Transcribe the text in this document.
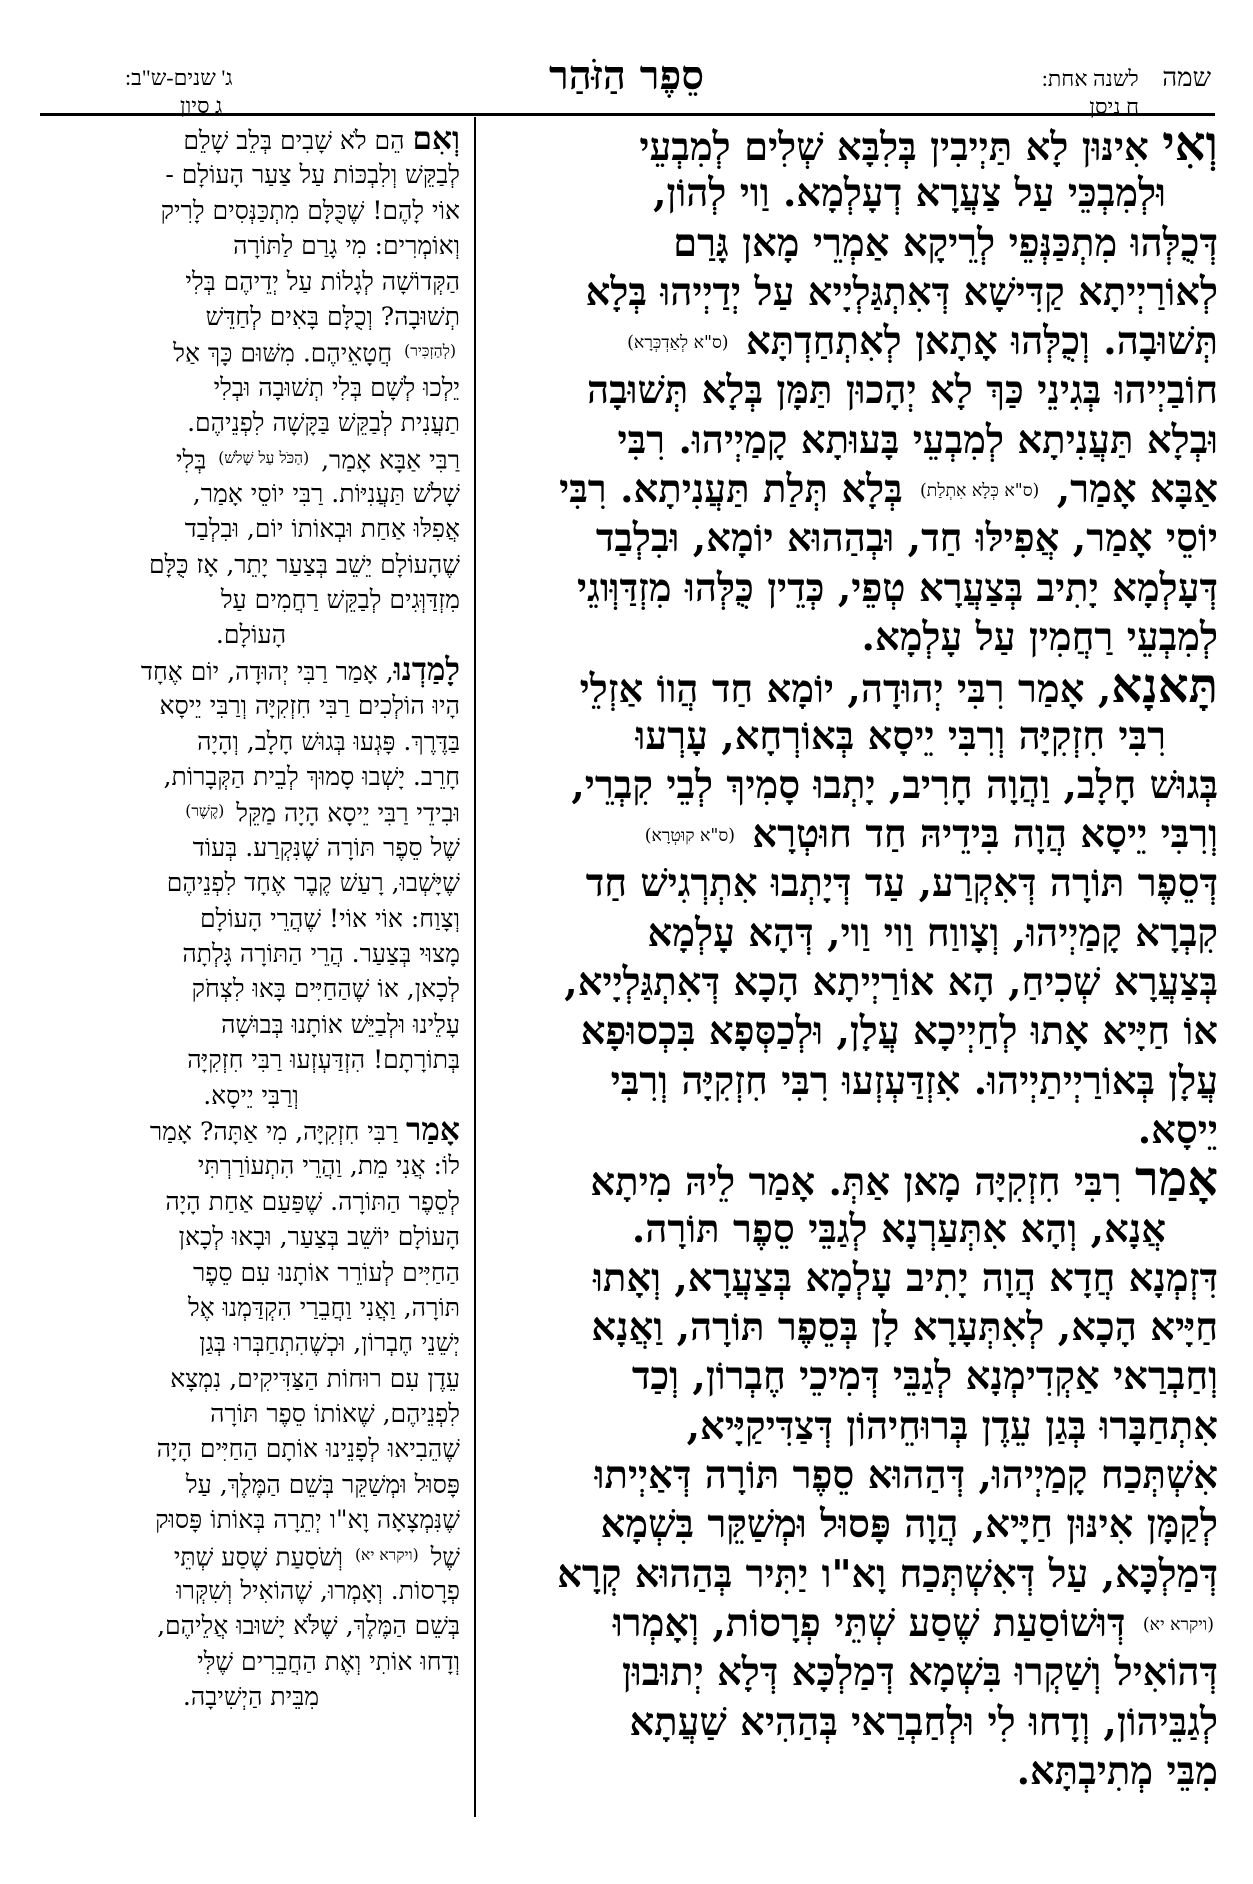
שמה לשנה אחת:
ח ניסן
סֵפֶר הַזֹּהַר
ג' שנים-ש"ב:
ג סיון
וְאִי אִינּוּן לָא תַּיְיבִין בְּלִבָּא שְׁלִים לְמִבְעֵי
וּלְמִבְכֵּי עַל צַעֲרָא דְעָלְמָא. וַוי לְהוֹן,
דְּכֻלְּהוּ מִתְכַּנְּפֵי לְרֵיקָא אַמְרֵי מָאן גָּרַם
לְאוֹרַיְיתָא קַדִּישָׁא דְּאִתְגַּלְיָיא עַל יְדַיְיהוּ בְּלָא
תְּשׁוּבָה. וְכֻלְּהוּ אָתָאן לְאִתְחַדְתָּא (ס"א לְאַדְכְּרָא)
חוֹבַיְיהוּ בְּגִינֵי כַּךְ לָא יְהָכוּן תַּמָּן בְּלָא תְּשׁוּבָה
וּבְלָא תַּעֲנִיתָא לְמִבְעֵי בָּעוּתָא קָמַיְיהוּ. רִבִּי
אַבָּא אָמַר, (ס"א כְּלָא אִתְלַת) בְּלָא תְּלַת תַּעֲנִיתָא. רִבִּי
יוֹסֵי אָמַר, אֲפִילּוּ חַד, וּבְהַהוּא יוֹמָא, וּבִלְבַד
דְּעָלְמָא יָתִיב בְּצַעֲרָא טְפֵי, כְּדֵין כֻּלְּהוּ מִזְדַּוְּוגֵי
לְמִבְעֵי רַחֲמִין עַל עָלְמָא.
תָּאנָא, אָמַר רִבִּי יְהוּדָה, יוֹמָא חַד הֲווֹ אַזְלֵי
רִבִּי חִזְקִיָּה וְרִבִּי יֵיסָא בְּאוֹרְחָא, עָרְעוּ
בְּגוּשׁ חָלָב, וַהֲוָה חָרִיב, יָתְבוּ סָמִיךְ לְבֵי קִבְרֵי,
וְרִבִּי יֵיסָא הֲוָה בִּידֵיהּ חַד חוּטְרָא (ס"א קוּטְרָא)
דְּסֵפֶר תּוֹרָה דְּאִקְרַע, עַד דְּיָתְבוּ אִתְרְגִישׁ חַד
קִבְרָא קָמַיְיהוּ, וְצָווַח וַוי וַוי, דְּהָא עָלְמָא
בְּצַעֲרָא שְׁכִיחַ, הָא אוֹרַיְיתָא הָכָא דְּאִתְגַּלְיָיא,
אוֹ חַיָּיא אָתוּ לְחַיְיכָא עֲלָן, וּלְכַסְּפָא בִּכְסוּפָא
עֲלָן בְּאוֹרַיְיתַיְיהוּ. אִזְדַּעְזְעוּ רִבִּי חִזְקִיָּה וְרִבִּי
יֵיסָא.
אָמַר רִבִּי חִזְקִיָּה מָאן אַתְּ. אָמַר לֵיהּ מִיתָא
אֲנָא, וְהָא אִתְּעַרְנָא לְגַבֵּי סֵפֶר תּוֹרָה.
דִּזְמְנָא חֲדָא הֲוָה יָתִיב עָלְמָא בְּצַעֲרָא, וְאָתוּ
חַיָּיא הָכָא, לְאִתְּעָרָא לָן בְּסֵפֶר תּוֹרָה, וַאֲנָא
וְחַבְרַאי אַקְדִימְנָא לְגַבֵּי דְּמִיכֵי חֶבְרוֹן, וְכַד
אִתְחַבָּרוּ בְּגַן עֵדֶן בְּרוּחֵיהוֹן דְּצַדִּיקַיָּיא,
אִשְׁתְּכַח קָמַיְיהוּ, דְּהַהוּא סֵפֶר תּוֹרָה דְּאַיְיתוּ
לְקַמָּן אִינּוּן חַיָּיא, הֲוָה פָּסוּל וּמְשַׁקֵּר בִּשְׁמָא
דְּמַלְכָּא, עַל דְּאִשְׁתְּכַח וָא"ו יַתִּיר בְּהַהוּא קְרָא
(ויקרא יא) דְּוּשׁוֹסַעַת שֶׁסַע שְׁתֵּי פְרָסוֹת, וְאָמְרוּ
דְּהוֹאִיל וְשַׁקְרוּ בִּשְׁמָא דְּמַלְכָּא דְּלָא יְתוּבוּן
לְגַבֵּיהוֹן, וְדָחוּ לִי וּלְחַבְרַאי בְּהַהִיא שַׁעֲתָא
מִבֵּי מְתִיבְתָּא.
וְאִם הֵם לֹא שָׁבִים בְּלֵב שָׁלֵם
לְבַקֵּשׁ וְלִבְכּוֹת עַל צַעַר הָעוֹלָם -
אוֹי לָהֶם! שֶׁכֻּלָּם מִתְכַּנְּסִים לָרִיק
וְאוֹמְרִים: מִי גָרַם לַתּוֹרָה
הַקְּדוֹשָׁה לְגָלוֹת עַל יְדֵיהֶם בְּלִי
תְשׁוּבָה? וְכֻלָּם בָּאִים לְחַדֵּשׁ
$^{(לְהַזְכִּיר)}$ חֲטָאֵיהֶם. מִשּׁוּם כָּךְ אַל
יֵלְכוּ לְשָׁם בְּלִי תְשׁוּבָה וּבְלִי
תַעֲנִית לְבַקֵּשׁ בַּקָּשָׁה לִפְנֵיהֶם.
רַבִּי אַבָּא אָמַר, $^{(הַכֹּל עַל שָׁלֹשׁ)}$ בְּלִי
שָׁלֹשׁ תַּעֲנִיּוֹת. רַבִּי יוֹסֵי אָמַר,
אֲפִלּוּ אַחַת וּבְאוֹתוֹ יוֹם, וּבִלְבַד
שֶׁהָעוֹלָם יֵשֵׁב בְּצַעַר יָתֵר, אָז כֻּלָּם
מִזְדַּוְּגִים לְבַקֵּשׁ רַחֲמִים עַל
הָעוֹלָם.
לָמַדְנוּ, אָמַר רַבִּי יְהוּדָה, יוֹם אֶחָד
הָיוּ הוֹלְכִים רַבִּי חִזְקִיָּה וְרַבִּי יֵיסָא
בַּדֶּרֶךְ. פָּגְעוּ בְּגוּשׁ חָלָב, וְהָיָה
חָרֵב. יָשְׁבוּ סָמוּךְ לְבֵית הַקְּבָרוֹת,
וּבִידֵי רַבִּי יֵיסָא הָיָה מַקֵּל $^{(קֶשֶׁר)}$
שֶׁל סֵפֶר תּוֹרָה שֶׁנִּקְרַע. בְּעוֹד
שֶׁיָּשְׁבוּ, רָעַשׁ קֶבֶר אֶחָד לִפְנֵיהֶם
וְצָוַח: אוֹי אוֹי! שֶׁהֲרֵי הָעוֹלָם
מָצוּי בְּצַעַר. הֲרֵי הַתּוֹרָה גָּלְתָה
לְכָאן, אוֹ שֶׁהַחַיִּים בָּאוּ לִצְחֹק
עָלֵינוּ וּלְבַיֵּשׁ אוֹתָנוּ בְּבוּשָׁה
בְּתוֹרָתָם! הִזְדַּעְזְעוּ רַבִּי חִזְקִיָּה
וְרַבִּי יֵיסָא.
אָמַר רַבִּי חִזְקִיָּה, מִי אַתָּה? אָמַר
לוֹ: אֲנִי מֵת, וַהֲרֵי הִתְעוֹרַרְתִּי
לְסֵפֶר הַתּוֹרָה. שֶׁפַּעַם אַחַת הָיָה
הָעוֹלָם יוֹשֵׁב בְּצַעַר, וּבָאוּ לְכָאן
הַחַיִּים לְעוֹרֵר אוֹתָנוּ עִם סֵפֶר
תּוֹרָה, וַאֲנִי וַחֲבֵרַי הִקְדַּמְנוּ אֶל
יְשֵׁנֵי חֶבְרוֹן, וּכְשֶׁהִתְחַבְּרוּ בְּגַן
עֵדֶן עִם רוּחוֹת הַצַּדִּיקִים, נִמְצָא
לִפְנֵיהֶם, שֶׁאוֹתוֹ סֵפֶר תּוֹרָה
שֶׁהֵבִיאוּ לְפָנֵינוּ אוֹתָם הַחַיִּים הָיָה
פָּסוּל וּמְשַׁקֵּר בְּשֵׁם הַמֶּלֶךְ, עַל
שֶׁנִּמְצָאָה וָא"ו יְתֵרָה בְּאוֹתוֹ פָּסוּק
שֶׁל $^{(ויקרא יא)}$ וְשֹׁסַעַת שֶׁסַע שְׁתֵּי
פְרָסוֹת. וְאָמְרוּ, שֶׁהוֹאִיל וְשִׁקְּרוּ
בְּשֵׁם הַמֶּלֶךְ, שֶׁלֹּא יָשׁוּבוּ אֲלֵיהֶם,
וְדָחוּ אוֹתִי וְאֶת הַחֲבֵרִים שֶׁלִּי
מִבֵּית הַיְשִׁיבָה.
